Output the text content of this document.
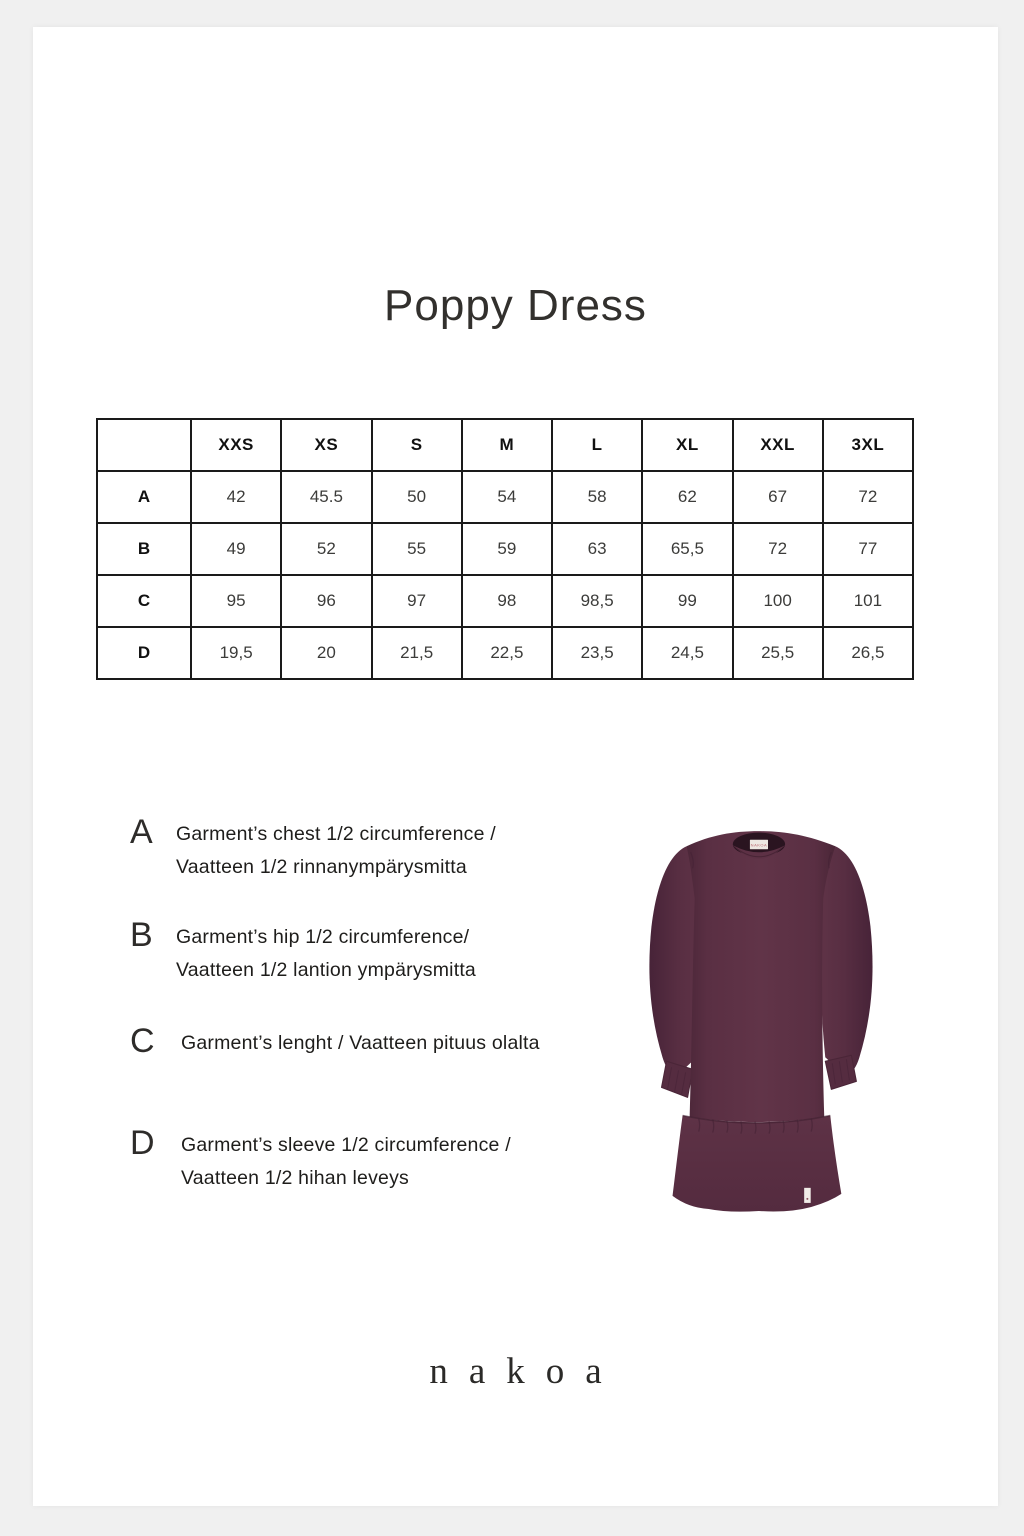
Poppy Dress
	XXS	XS	S	M	L	XL	XXL	3XL
A	42	45.5	50	54	58	62	67	72
B	49	52	55	59	63	65,5	72	77
C	95	96	97	98	98,5	99	100	101
D	19,5	20	21,5	22,5	23,5	24,5	25,5	26,5
A	Garment’s chest 1/2 circumference /
Vaatteen 1/2 rinnanympärysmitta
B	Garment’s hip 1/2 circumference/
Vaatteen 1/2 lantion ympärysmitta
C	Garment’s lenght / Vaatteen pituus olalta
D	Garment’s sleeve 1/2 circumference /
Vaatteen 1/2 hihan leveys
NAKOA
nakoa
